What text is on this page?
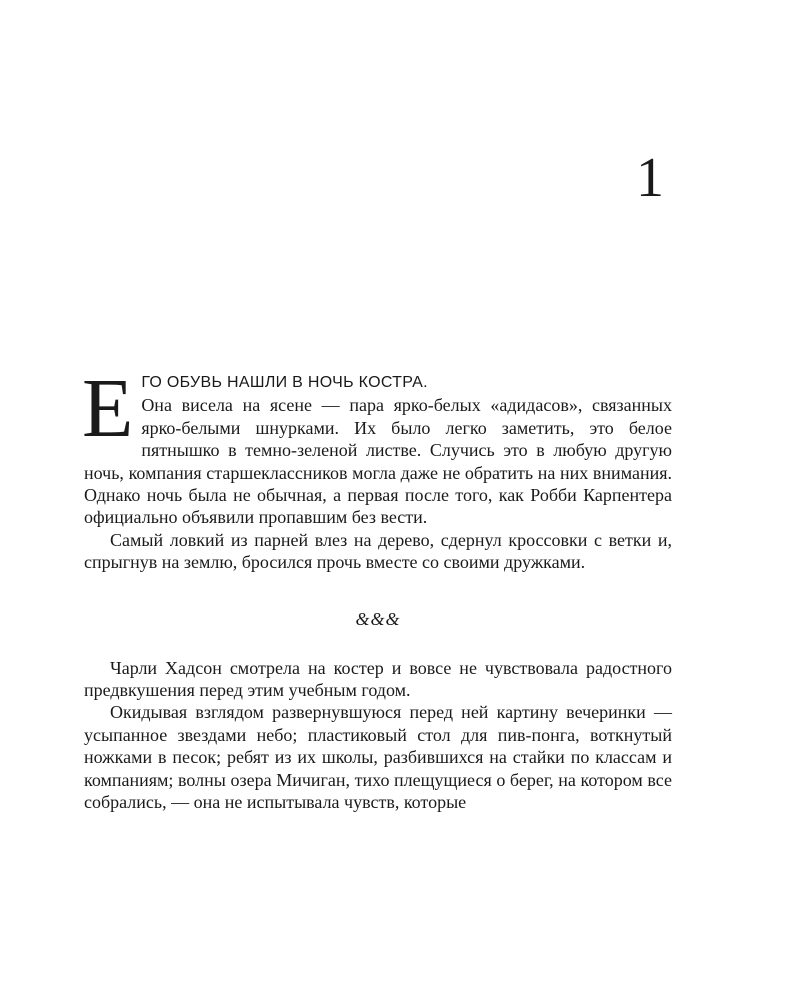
1
Е ГО ОБУВЬ НАШЛИ В НОЧЬ КОСТРА.

Она висела на ясене — пара ярко-белых «адидасов», связанных ярко-белыми шнурками. Их было легко заметить, это белое пятнышко в темно-зеленой листве. Случись это в любую другую ночь, компания старшеклассников могла даже не обратить на них внимания. Однако ночь была не обычная, а первая после того, как Робби Карпентера официально объявили пропавшим без вести.

Самый ловкий из парней влез на дерево, сдернул кроссовки с ветки и, спрыгнув на землю, бросился прочь вместе со своими дружками.

&&&

Чарли Хадсон смотрела на костер и вовсе не чувствовала радостного предвкушения перед этим учебным годом.

Окидывая взглядом развернувшуюся перед ней картину вечеринки — усыпанное звездами небо; пластиковый стол для пив-понга, воткнутый ножками в песок; ребят из их школы, разбившихся на стайки по классам и компаниям; волны озера Мичиган, тихо плещущиеся о берег, на котором все собрались, — она не испытывала чувств, которые
